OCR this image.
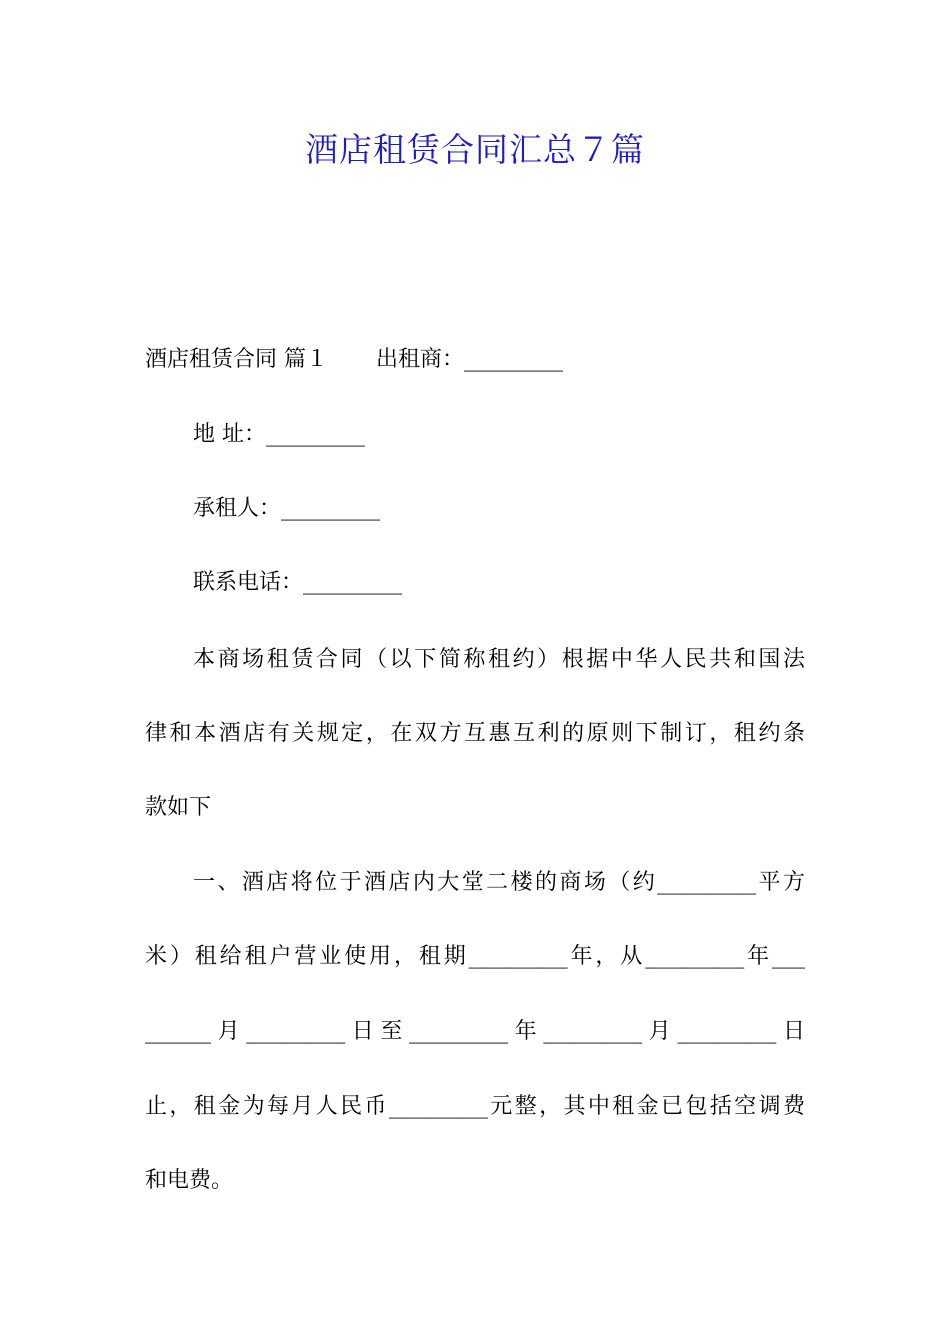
酒店租赁合同汇总７篇
酒店租赁合同 篇１ 出租商：_________
地 址：_________
承租人：_________
联系电话：_________
本商场租赁合同（以下简称租约）根据中华人民共和国法
律和本酒店有关规定，在双方互惠互利的原则下制订，租约条
款如下
一、酒店将位于酒店内大堂二楼的商场（约_________平方
米）租给租户营业使用，租期_________年，从_________年___
______月_________日至_________年_________月_________日
止，租金为每月人民币_________元整，其中租金已包括空调费
和电费。
